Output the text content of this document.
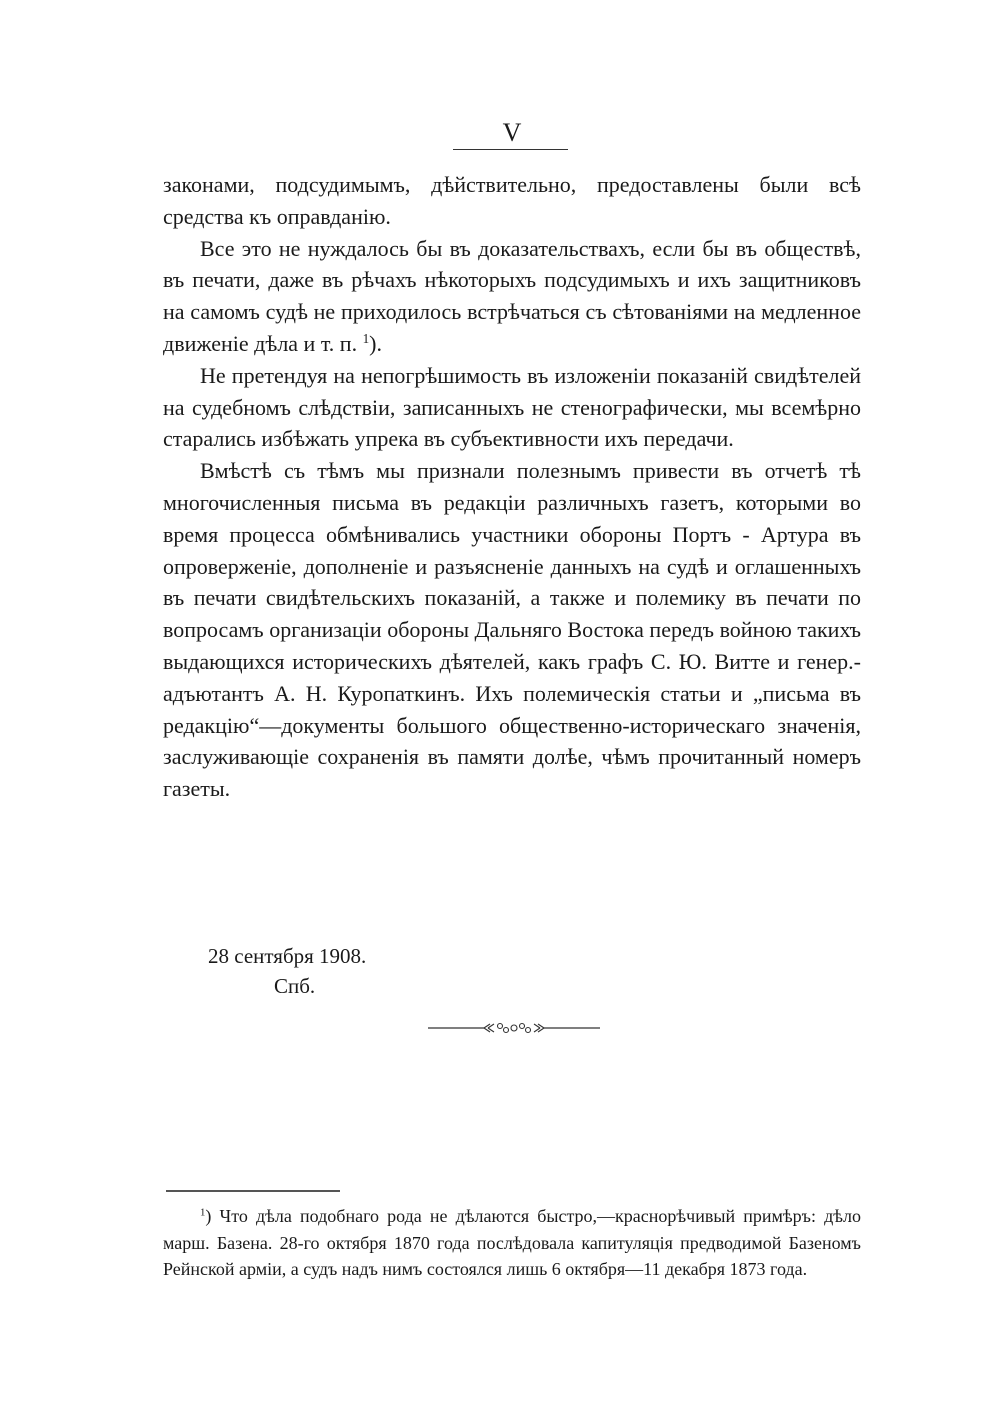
V

законами, подсудимымъ, дѣйствительно, предоставлены были всѣ средства къ оправданію.

Все это не нуждалось бы въ доказательствахъ, если бы въ обществѣ, въ печати, даже въ рѣчахъ нѣкоторыхъ подсудимыхъ и ихъ защитниковъ на самомъ судѣ не приходилось встрѣчаться съ сѣтованіями на медленное движеніе дѣла и т. п. $^1$).

Не претендуя на непогрѣшимость въ изложеніи показаній свидѣтелей на судебномъ слѣдствіи, записанныхъ не стенографически, мы всемѣрно старались избѣжать упрека въ субъективности ихъ передачи.

Вмѣстѣ съ тѣмъ мы признали полезнымъ привести въ отчетѣ тѣ многочисленныя письма въ редакціи различныхъ газетъ, которыми во время процесса обмѣнивались участники обороны Портъ - Артура въ опроверженіе, дополненіе и разъясненіе данныхъ на судѣ и оглашенныхъ въ печати свидѣтельскихъ показаній, а также и полемику въ печати по вопросамъ организаціи обороны Дальняго Востока передъ войною такихъ выдающихся историческихъ дѣятелей, какъ графъ С. Ю. Витте и генер.-адъютантъ А. Н. Куропаткинъ. Ихъ полемическія статьи и „письма въ редакцію“—документы большого общественно-историческаго значенія, заслуживающіе сохраненія въ памяти долѣе, чѣмъ прочитанный номеръ газеты.

28 сентября 1908.
Спб.
$^1$) Что дѣла подобнаго рода не дѣлаются быстро,—краснорѣчивый примѣръ: дѣло марш. Базена. 28-го октября 1870 года послѣдовала капитуляція предводимой Базеномъ Рейнской арміи, а судъ надъ нимъ состоялся лишь 6 октября—11 декабря 1873 года.
